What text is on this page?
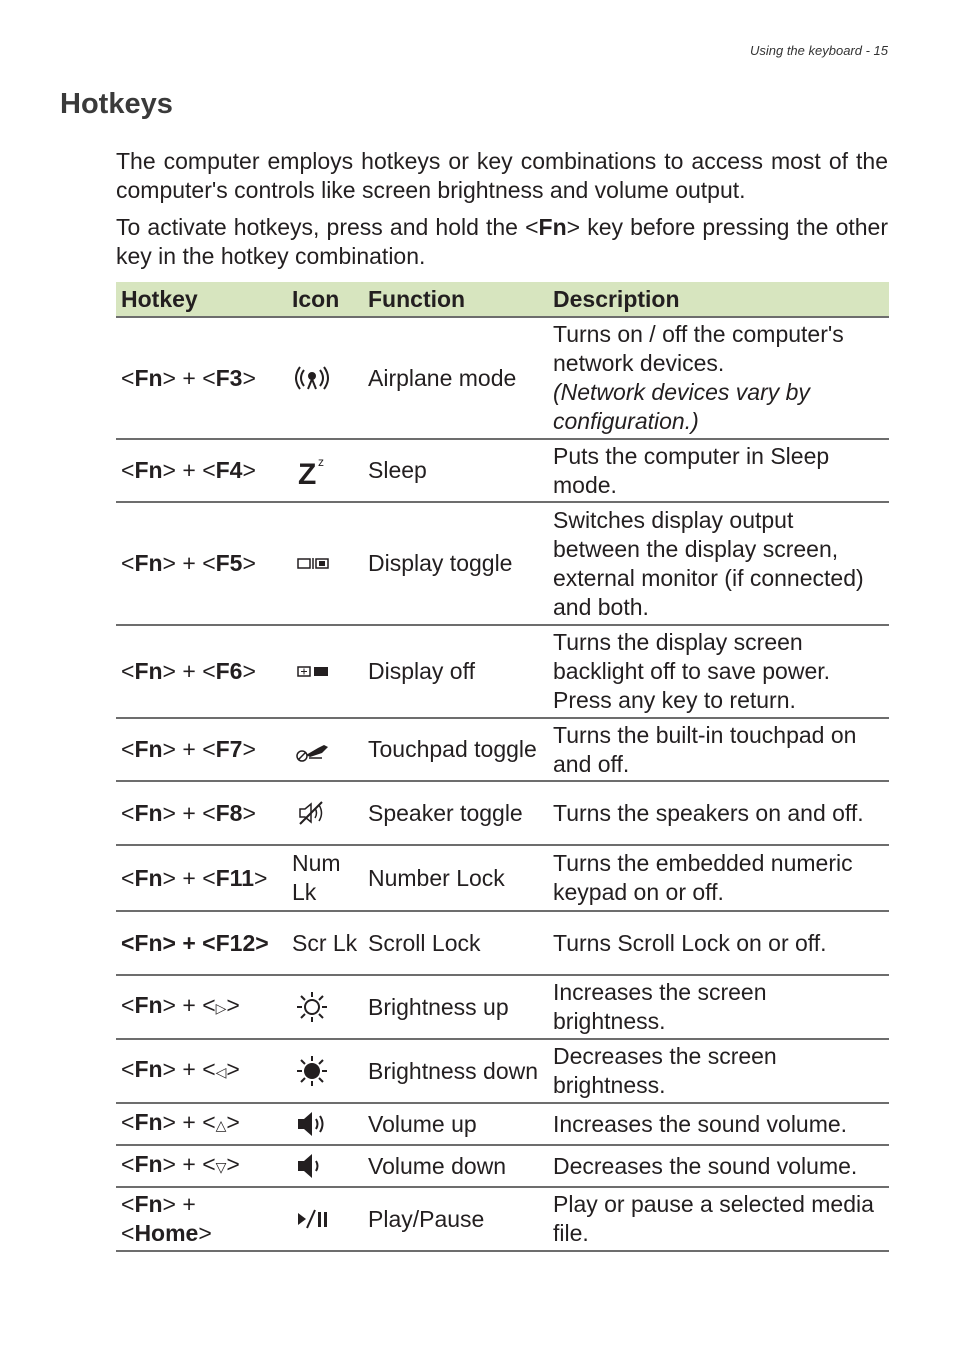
Using the keyboard - 15
Hotkeys

The computer employs hotkeys or key combinations to access most of the computer's controls like screen brightness and volume output.

To activate hotkeys, press and hold the <Fn> key before pressing the other key in the hotkey combination.

Hotkey	Icon	Function	Description
<Fn> + <F3>		Airplane mode	Turns on / off the computer's network devices.
(Network devices vary by configuration.)

<Fn> + <F4>	Z z	Sleep	Puts the computer in Sleep mode.
<Fn> + <F5>		Display toggle	Switches display output between the display screen, external monitor (if connected) and both.
<Fn> + <F6>		Display off	Turns the display screen backlight off to save power. Press any key to return.
<Fn> + <F7>		Touchpad toggle	Turns the built-in touchpad on and off.
<Fn> + <F8>		Speaker toggle	Turns the speakers on and off.
<Fn> + <F11>	Num Lk	Number Lock	Turns the embedded numeric keypad on or off.
<Fn> + <F12>	Scr Lk	Scroll Lock	Turns Scroll Lock on or off.
<Fn> + <▷>		Brightness up	Increases the screen brightness.
<Fn> + <◁>		Brightness down	Decreases the screen brightness.
<Fn> + <△>		Volume up	Increases the sound volume.
<Fn> + <▽>		Volume down	Decreases the sound volume.
<Fn> + <Home>		Play/Pause	Play or pause a selected media file.
